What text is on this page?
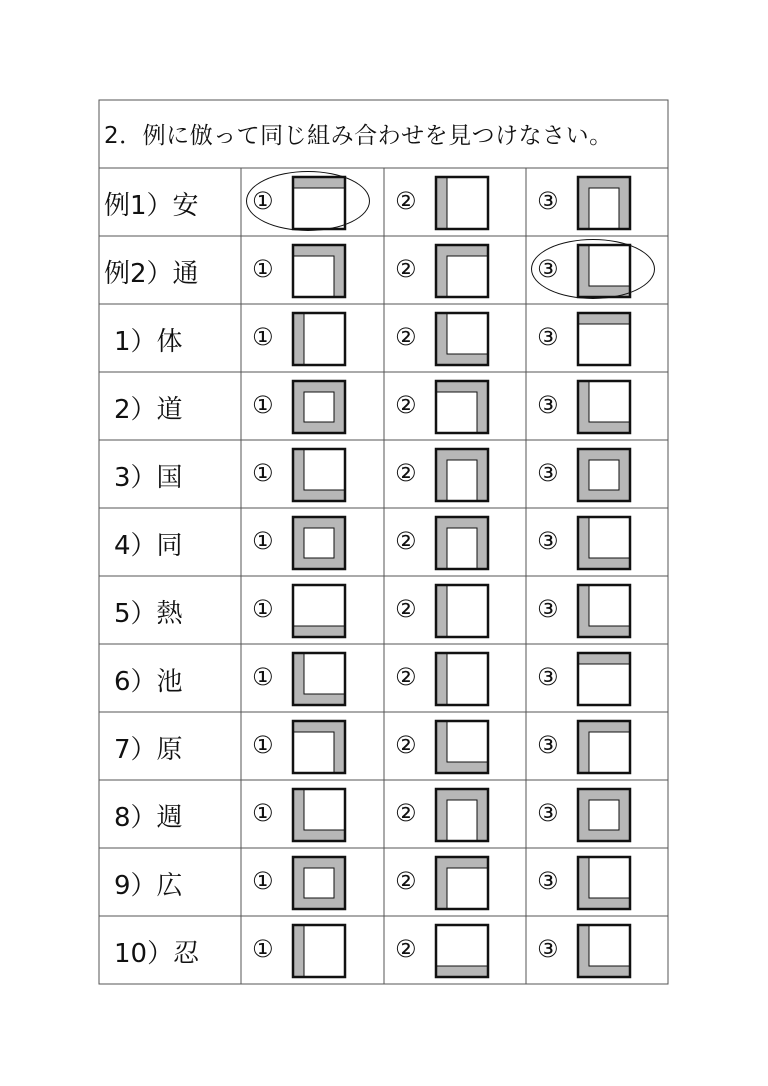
2．例に倣って同じ組み合わせを見つけなさい。
例1）安 ①	②	③
例2）通 ①	②	③
1）体	①	②	③
2）道	①	②	③
3）国	①	②	③
4）同	①	②	③
5）熱	①	②	③
6）池	①	②	③
7）原	①	②	③
8）週	①	②	③
9）広	①	②	③
10）忍 ①	②	③
